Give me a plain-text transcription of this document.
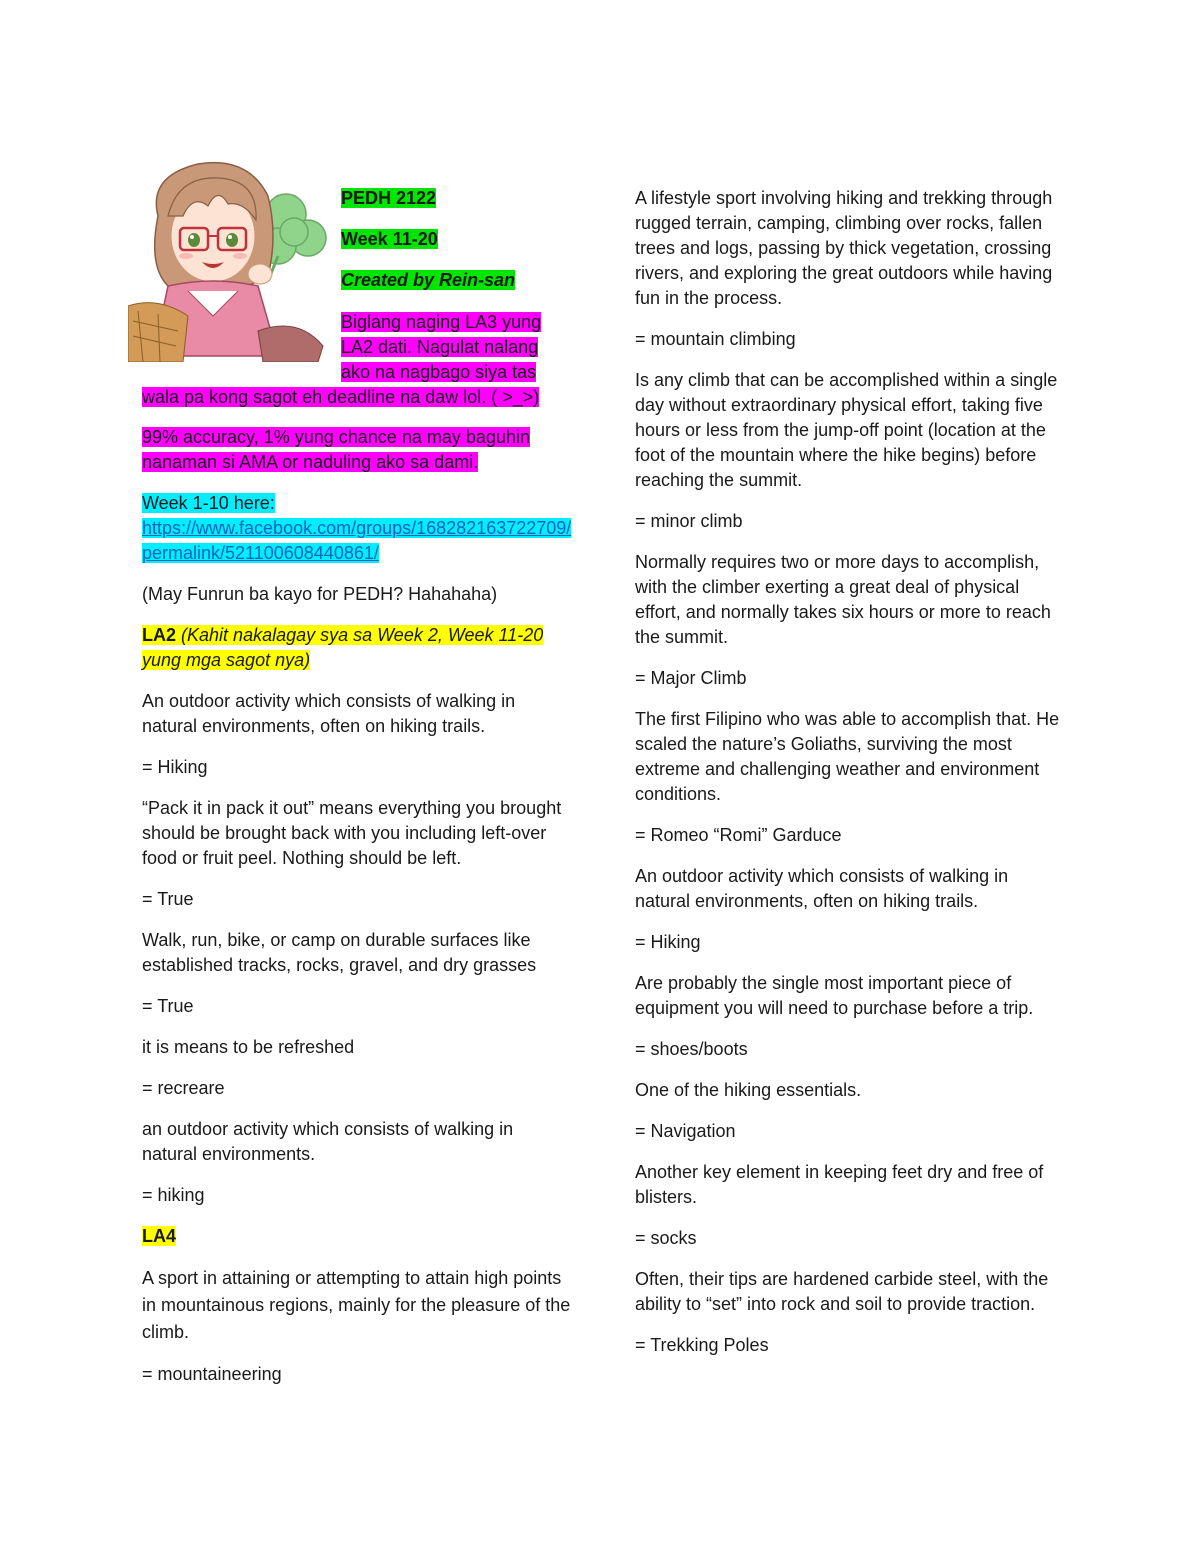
PEDH 2122

Week 11-20

Created by Rein-san

Biglang naging LA3 yung
LA2 dati. Nagulat nalang
ako na nagbago siya tas
wala pa kong sagot eh deadline na daw lol. ( >_>)

99% accuracy, 1% yung chance na may baguhin nanaman si AMA or naduling ako sa dami.

Week 1-10 here:
https://www.facebook.com/groups/168282163722709/permalink/521100608440861/

(May Funrun ba kayo for PEDH? Hahahaha)

LA2 (Kahit nakalagay sya sa Week 2, Week 11-20 yung mga sagot nya)

An outdoor activity which consists of walking in natural environments, often on hiking trails.

= Hiking

“Pack it in pack it out” means everything you brought should be brought back with you including left-over food or fruit peel. Nothing should be left.

= True

Walk, run, bike, or camp on durable surfaces like established tracks, rocks, gravel, and dry grasses

= True

it is means to be refreshed

= recreare

an outdoor activity which consists of walking in natural environments.

= hiking

LA4

A sport in attaining or attempting to attain high points in mountainous regions, mainly for the pleasure of the climb.

= mountaineering

A lifestyle sport involving hiking and trekking through rugged terrain, camping, climbing over rocks, fallen trees and logs, passing by thick vegetation, crossing rivers, and exploring the great outdoors while having fun in the process.

= mountain climbing

Is any climb that can be accomplished within a single day without extraordinary physical effort, taking five hours or less from the jump-off point (location at the foot of the mountain where the hike begins) before reaching the summit.

= minor climb

Normally requires two or more days to accomplish, with the climber exerting a great deal of physical effort, and normally takes six hours or more to reach the summit.

= Major Climb

The first Filipino who was able to accomplish that. He scaled the nature’s Goliaths, surviving the most extreme and challenging weather and environment conditions.

= Romeo “Romi” Garduce

An outdoor activity which consists of walking in natural environments, often on hiking trails.

= Hiking

Are probably the single most important piece of equipment you will need to purchase before a trip.

= shoes/boots

One of the hiking essentials.

= Navigation

Another key element in keeping feet dry and free of blisters.

= socks

Often, their tips are hardened carbide steel, with the ability to “set” into rock and soil to provide traction.

= Trekking Poles
